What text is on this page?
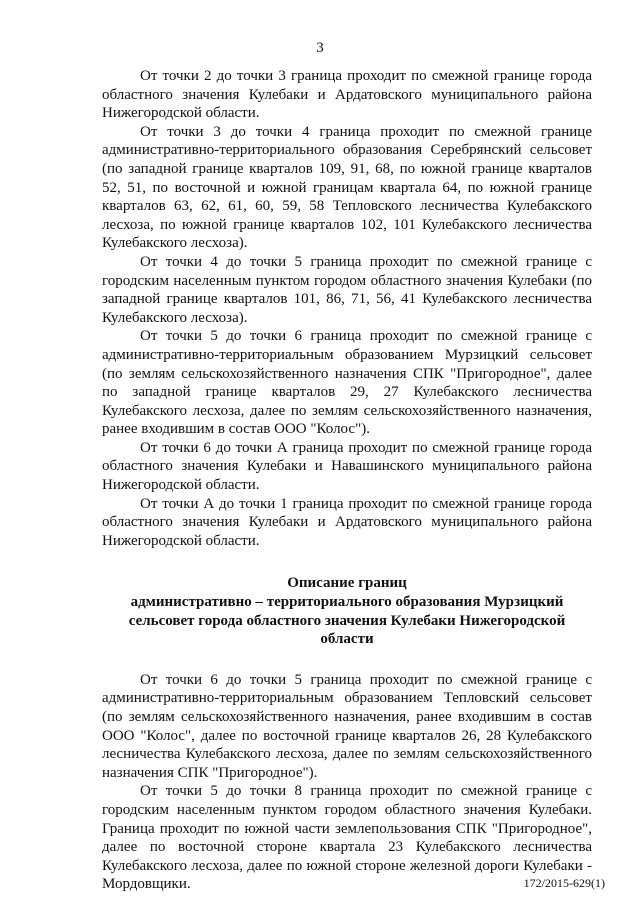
3

От точки 2 до точки 3 граница проходит по смежной границе города областного значения Кулебаки и Ардатовского муниципального района Нижегородской области.

От точки 3 до точки 4 граница проходит по смежной границе административно-территориального образования Серебрянский сельсовет (по западной границе кварталов 109, 91, 68, по южной границе кварталов 52, 51, по восточной и южной границам квартала 64, по южной границе кварталов 63, 62, 61, 60, 59, 58 Тепловского лесничества Кулебакского лесхоза, по южной границе кварталов 102, 101 Кулебакского лесничества Кулебакского лесхоза).

От точки 4 до точки 5 граница проходит по смежной границе с городским населенным пунктом городом областного значения Кулебаки (по западной границе кварталов 101, 86, 71, 56, 41 Кулебакского лесничества Кулебакского лесхоза).

От точки 5 до точки 6 граница проходит по смежной границе с административно-территориальным образованием Мурзицкий сельсовет (по землям сельскохозяйственного назначения СПК "Пригородное", далее по западной границе кварталов 29, 27 Кулебакского лесничества Кулебакского лесхоза, далее по землям сельскохозяйственного назначения, ранее входившим в состав ООО "Колос").

От точки 6 до точки А граница проходит по смежной границе города областного значения Кулебаки и Навашинского муниципального района Нижегородской области.

От точки А до точки 1 граница проходит по смежной границе города областного значения Кулебаки и Ардатовского муниципального района Нижегородской области.

Описание границ
административно – территориального образования Мурзицкий сельсовет города областного значения Кулебаки Нижегородской области

От точки 6 до точки 5 граница проходит по смежной границе с административно-территориальным образованием Тепловский сельсовет (по землям сельскохозяйственного назначения, ранее входившим в состав ООО "Колос", далее по восточной границе кварталов 26, 28 Кулебакского лесничества Кулебакского лесхоза, далее по землям сельскохозяйственного назначения СПК "Пригородное").

От точки 5 до точки 8 граница проходит по смежной границе с городским населенным пунктом городом областного значения Кулебаки. Граница проходит по южной части землепользования СПК "Пригородное", далее по восточной стороне квартала 23 Кулебакского лесничества Кулебакского лесхоза, далее по южной стороне железной дороги Кулебаки - Мордовщики.	172/2015-629(1)
